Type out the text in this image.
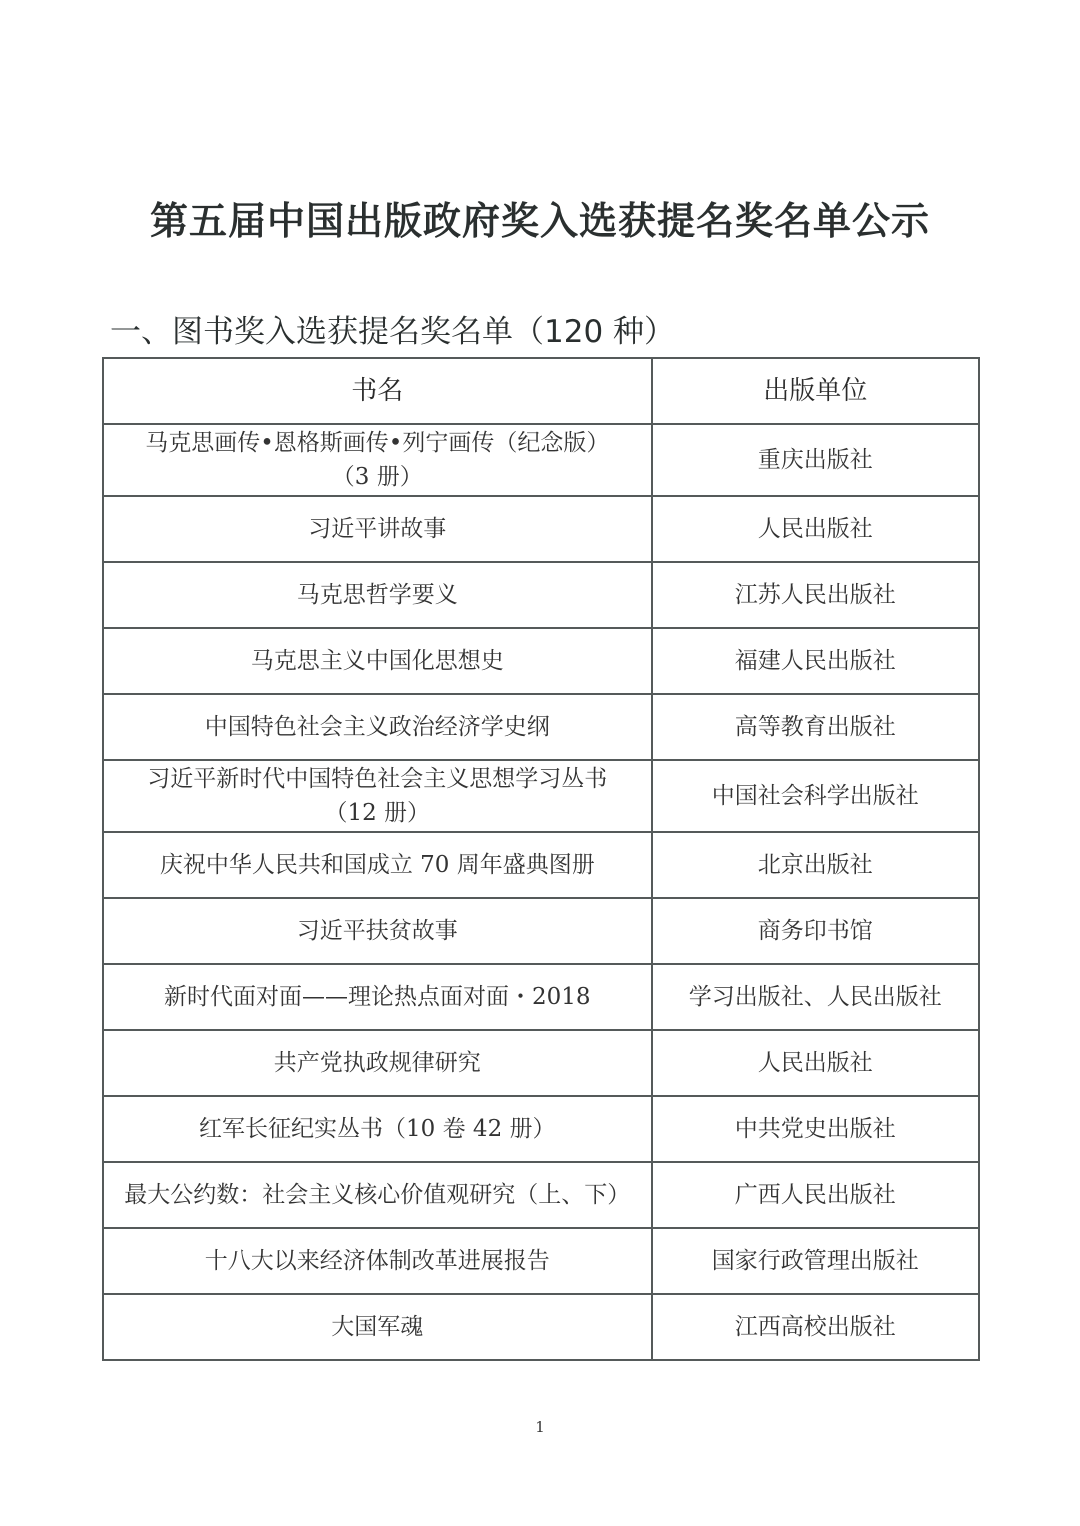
第五届中国出版政府奖入选获提名奖名单公示
一、图书奖入选获提名奖名单（120 种）
书名	出版单位
马克思画传•恩格斯画传•列宁画传（纪念版）
（3 册）	重庆出版社
习近平讲故事	人民出版社
马克思哲学要义	江苏人民出版社
马克思主义中国化思想史	福建人民出版社
中国特色社会主义政治经济学史纲	高等教育出版社
习近平新时代中国特色社会主义思想学习丛书
（12 册）	中国社会科学出版社
庆祝中华人民共和国成立 70 周年盛典图册	北京出版社
习近平扶贫故事	商务印书馆
新时代面对面——理论热点面对面・2018	学习出版社、人民出版社
共产党执政规律研究	人民出版社
红军长征纪实丛书（10 卷 42 册）	中共党史出版社
最大公约数：社会主义核心价值观研究（上、下）	广西人民出版社
十八大以来经济体制改革进展报告	国家行政管理出版社
大国军魂	江西高校出版社
1
